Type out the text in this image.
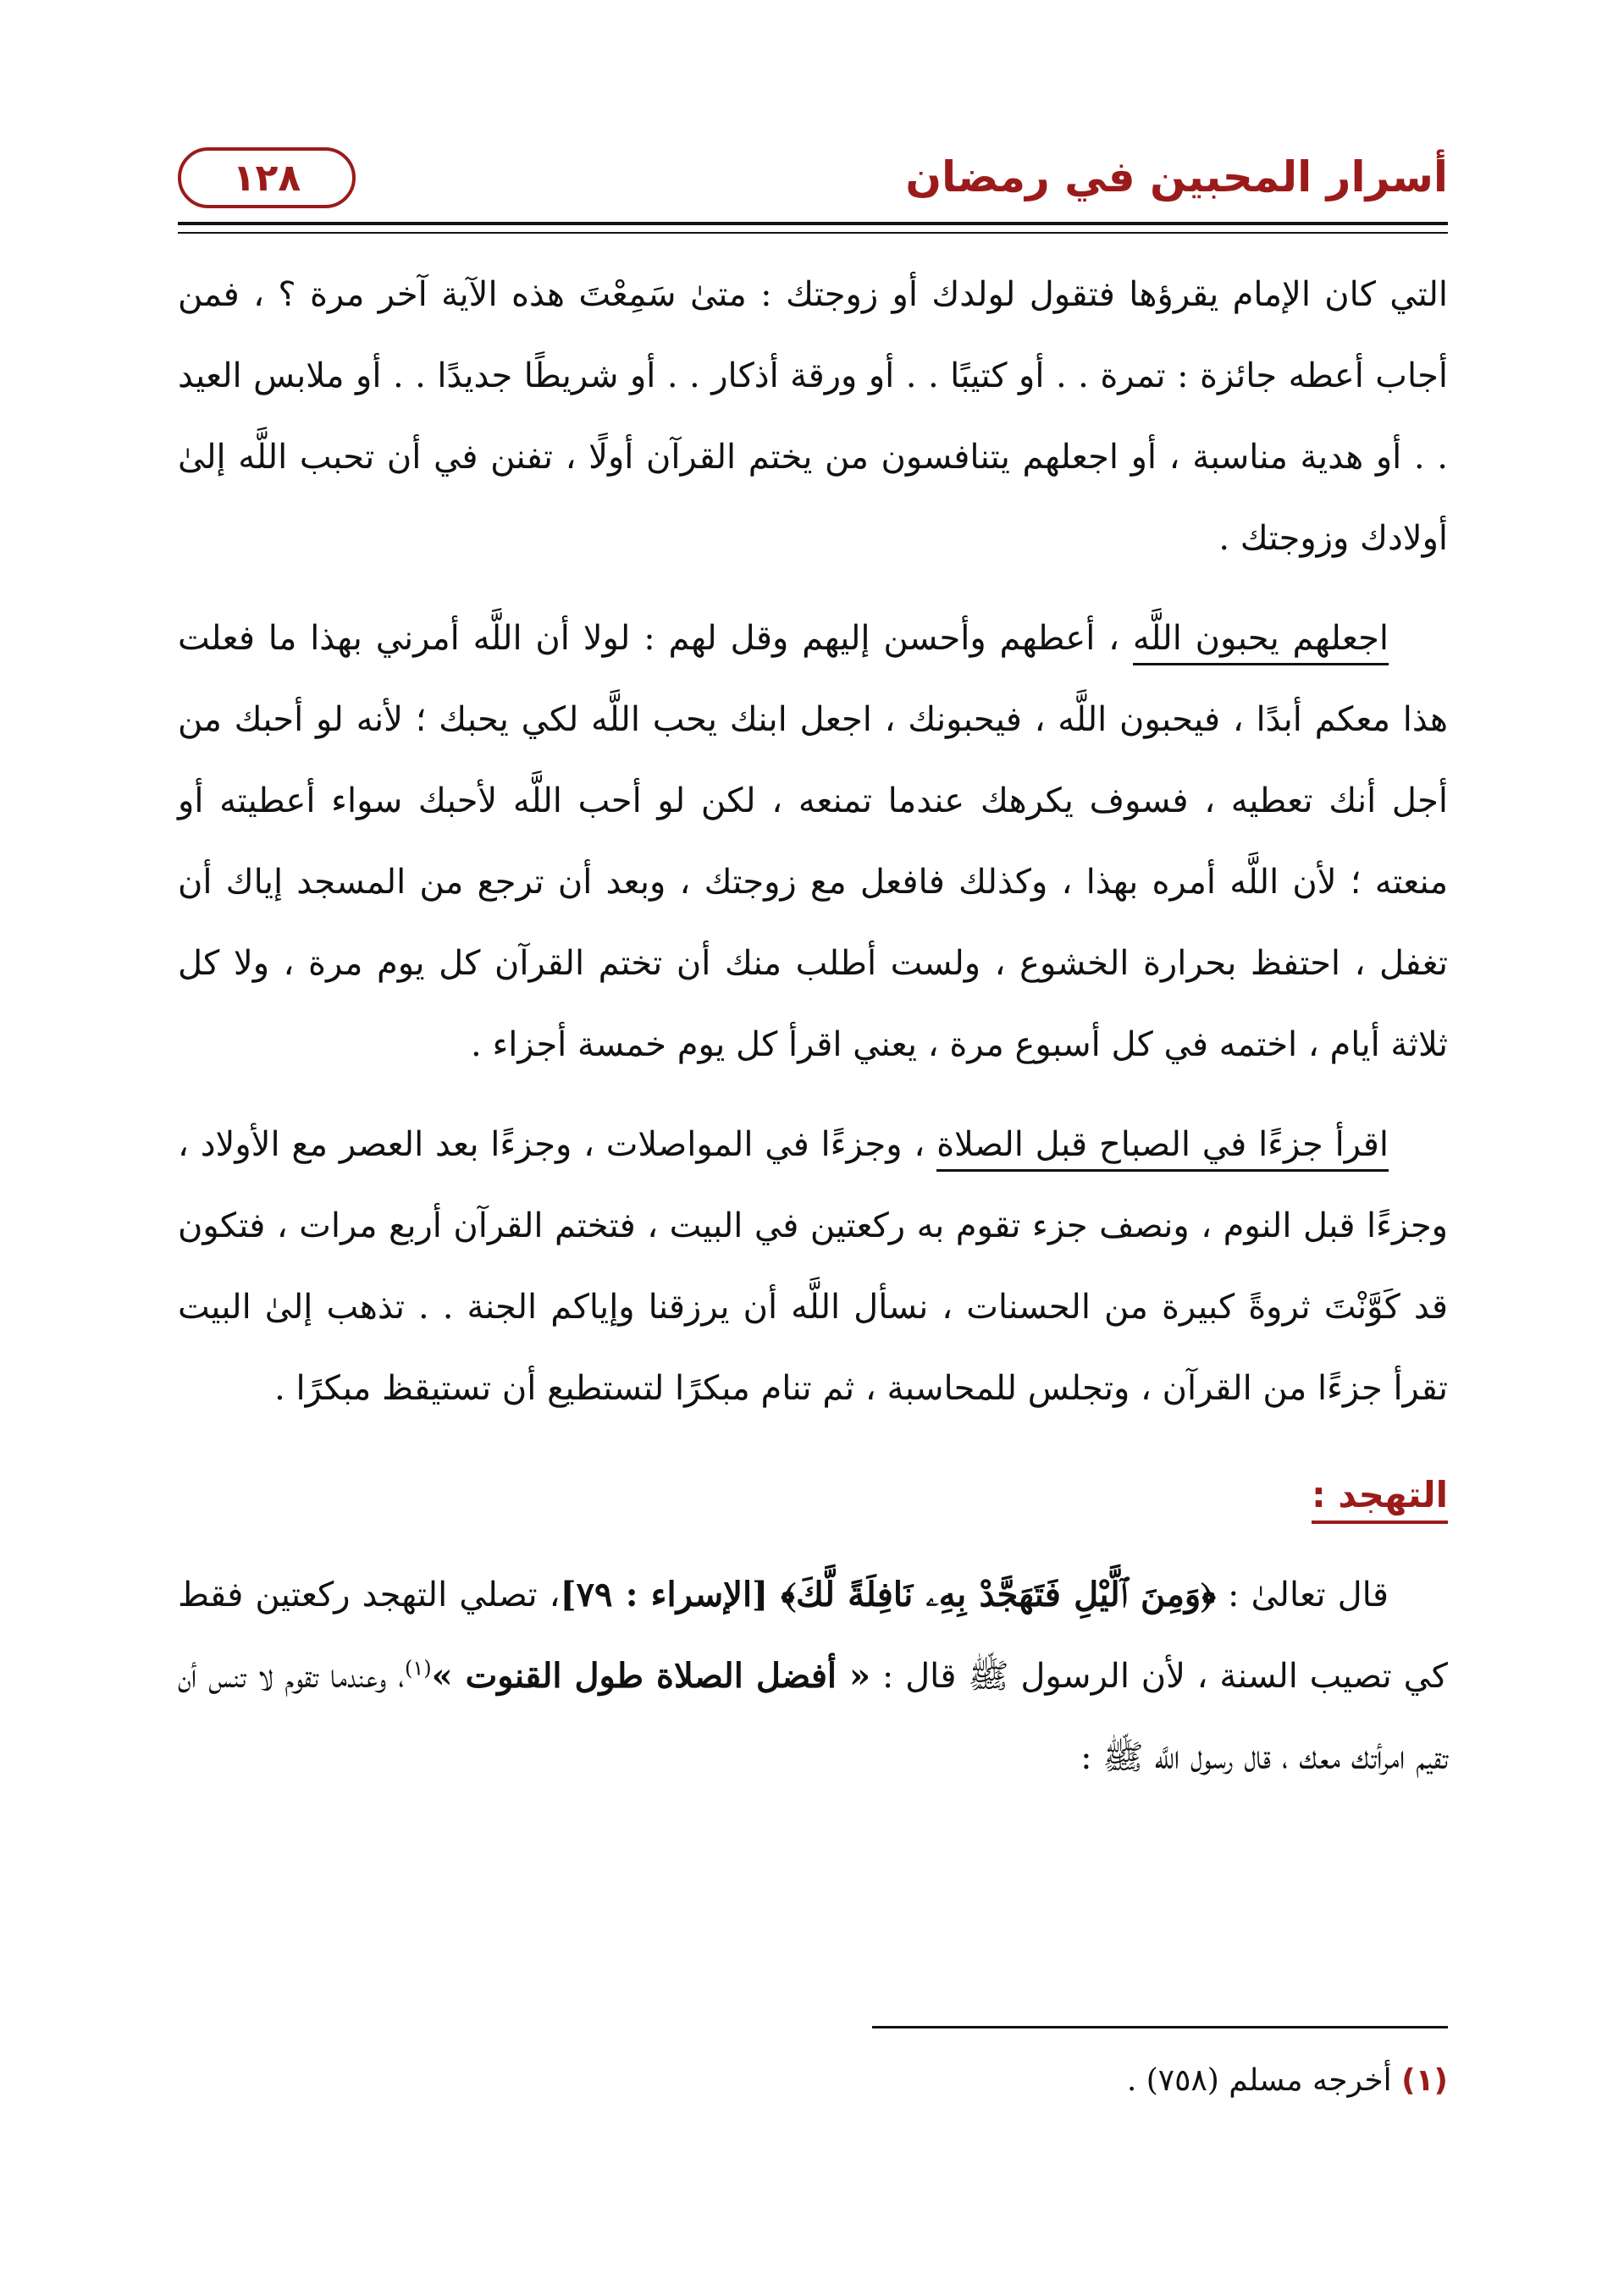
أسرار المحبين في رمضان
١٢٨

التي كان الإمام يقرؤها فتقول لولدك أو زوجتك : متىٰ سَمِعْتَ هذه الآية آخر مرة ؟ ، فمن أجاب أعطه جائزة : تمرة . . أو كتيبًا . . أو ورقة أذكار . . أو شريطًا جديدًا . . أو ملابس العيد . . أو هدية مناسبة ، أو اجعلهم يتنافسون من يختم القرآن أولًا ، تفنن في أن تحبب اللَّه إلىٰ أولادك وزوجتك .

اجعلهم يحبون اللَّه ، أعطهم وأحسن إليهم وقل لهم : لولا أن اللَّه أمرني بهذا ما فعلت هذا معكم أبدًا ، فيحبون اللَّه ، فيحبونك ، اجعل ابنك يحب اللَّه لكي يحبك ؛ لأنه لو أحبك من أجل أنك تعطيه ، فسوف يكرهك عندما تمنعه ، لكن لو أحب اللَّه لأحبك سواء أعطيته أو منعته ؛ لأن اللَّه أمره بهذا ، وكذلك فافعل مع زوجتك ، وبعد أن ترجع من المسجد إياك أن تغفل ، احتفظ بحرارة الخشوع ، ولست أطلب منك أن تختم القرآن كل يوم مرة ، ولا كل ثلاثة أيام ، اختمه في كل أسبوع مرة ، يعني اقرأ كل يوم خمسة أجزاء .

اقرأ جزءًا في الصباح قبل الصلاة ، وجزءًا في المواصلات ، وجزءًا بعد العصر مع الأولاد ، وجزءًا قبل النوم ، ونصف جزء تقوم به ركعتين في البيت ، فتختم القرآن أربع مرات ، فتكون قد كَوَّنْتَ ثروةً كبيرة من الحسنات ، نسأل اللَّه أن يرزقنا وإياكم الجنة . . تذهب إلىٰ البيت تقرأ جزءًا من القرآن ، وتجلس للمحاسبة ، ثم تنام مبكرًا لتستطيع أن تستيقظ مبكرًا .

التهجد :

قال تعالىٰ : ﴿وَمِنَ ٱلَّيْلِ فَتَهَجَّدْ بِهِۦ نَافِلَةً لَّكَ﴾ [الإسراء : ٧٩]، تصلي التهجد ركعتين فقط كي تصيب السنة ، لأن الرسول ﷺ قال : « أفضل الصلاة طول القنوت »$^{(١)}$، وعندما تقوم لا تنس أن تقيم امرأتك معك ، قال رسول اللَّه ﷺ :

(١) أخرجه مسلم (٧٥٨) .
